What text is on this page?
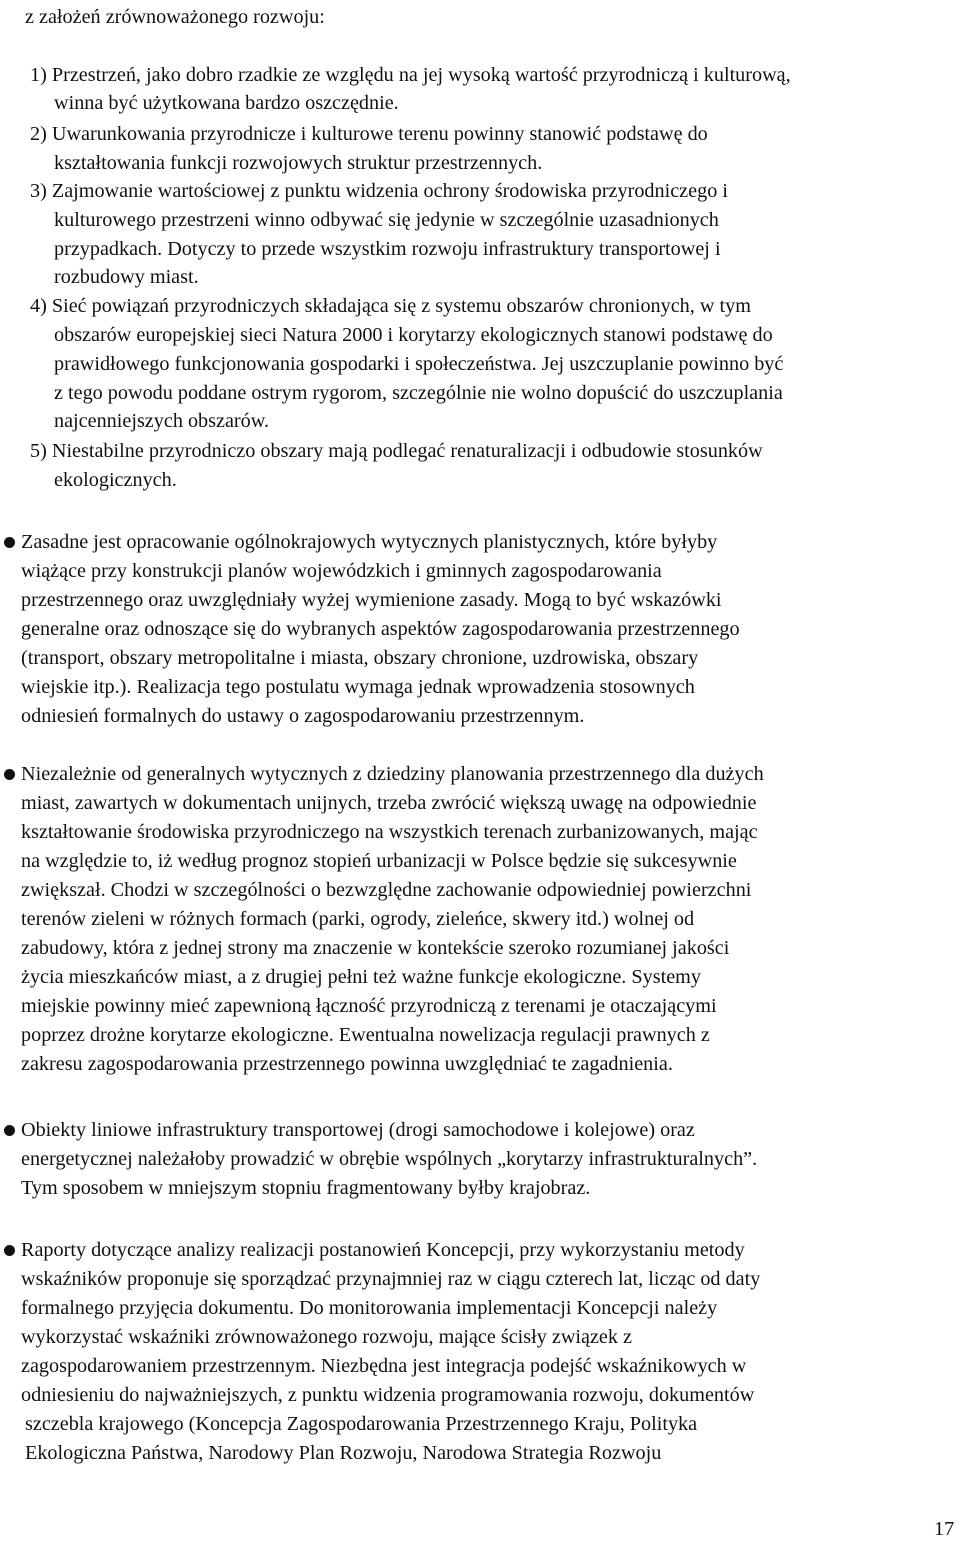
z założeń zrównoważonego rozwoju:
1) Przestrzeń, jako dobro rzadkie ze względu na jej wysoką wartość przyrodniczą i kulturową,
winna być użytkowana bardzo oszczędnie.
2) Uwarunkowania przyrodnicze i kulturowe terenu powinny stanowić podstawę do
kształtowania funkcji rozwojowych struktur przestrzennych.
3) Zajmowanie wartościowej z punktu widzenia ochrony środowiska przyrodniczego i
kulturowego przestrzeni winno odbywać się jedynie w szczególnie uzasadnionych
przypadkach. Dotyczy to przede wszystkim rozwoju infrastruktury transportowej i
rozbudowy miast.
4) Sieć powiązań przyrodniczych składająca się z systemu obszarów chronionych, w tym
obszarów europejskiej sieci Natura 2000 i korytarzy ekologicznych stanowi podstawę do
prawidłowego funkcjonowania gospodarki i społeczeństwa. Jej uszczuplanie powinno być
z tego powodu poddane ostrym rygorom, szczególnie nie wolno dopuścić do uszczuplania
najcenniejszych obszarów.
5) Niestabilne przyrodniczo obszary mają podlegać renaturalizacji i odbudowie stosunków
ekologicznych.
Zasadne jest opracowanie ogólnokrajowych wytycznych planistycznych, które byłyby
wiążące przy konstrukcji planów wojewódzkich i gminnych zagospodarowania
przestrzennego oraz uwzględniały wyżej wymienione zasady. Mogą to być wskazówki
generalne oraz odnoszące się do wybranych aspektów zagospodarowania przestrzennego
(transport, obszary metropolitalne i miasta, obszary chronione, uzdrowiska, obszary
wiejskie itp.). Realizacja tego postulatu wymaga jednak wprowadzenia stosownych
odniesień formalnych do ustawy o zagospodarowaniu przestrzennym.
Niezależnie od generalnych wytycznych z dziedziny planowania przestrzennego dla dużych
miast, zawartych w dokumentach unijnych, trzeba zwrócić większą uwagę na odpowiednie
kształtowanie środowiska przyrodniczego na wszystkich terenach zurbanizowanych, mając
na względzie to, iż według prognoz stopień urbanizacji w Polsce będzie się sukcesywnie
zwiększał. Chodzi w szczególności o bezwzględne zachowanie odpowiedniej powierzchni
terenów zieleni w różnych formach (parki, ogrody, zieleńce, skwery itd.) wolnej od
zabudowy, która z jednej strony ma znaczenie w kontekście szeroko rozumianej jakości
życia mieszkańców miast, a z drugiej pełni też ważne funkcje ekologiczne. Systemy
miejskie powinny mieć zapewnioną łączność przyrodniczą z terenami je otaczającymi
poprzez drożne korytarze ekologiczne. Ewentualna nowelizacja regulacji prawnych z
zakresu zagospodarowania przestrzennego powinna uwzględniać te zagadnienia.
Obiekty liniowe infrastruktury transportowej (drogi samochodowe i kolejowe) oraz
energetycznej należałoby prowadzić w obrębie wspólnych „korytarzy infrastrukturalnych”.
Tym sposobem w mniejszym stopniu fragmentowany byłby krajobraz.
Raporty dotyczące analizy realizacji postanowień Koncepcji, przy wykorzystaniu metody
wskaźników proponuje się sporządzać przynajmniej raz w ciągu czterech lat, licząc od daty
formalnego przyjęcia dokumentu. Do monitorowania implementacji Koncepcji należy
wykorzystać wskaźniki zrównoważonego rozwoju, mające ścisły związek z
zagospodarowaniem przestrzennym. Niezbędna jest integracja podejść wskaźnikowych w
odniesieniu do najważniejszych, z punktu widzenia programowania rozwoju, dokumentów
szczebla krajowego (Koncepcja Zagospodarowania Przestrzennego Kraju, Polityka
Ekologiczna Państwa, Narodowy Plan Rozwoju, Narodowa Strategia Rozwoju
17
